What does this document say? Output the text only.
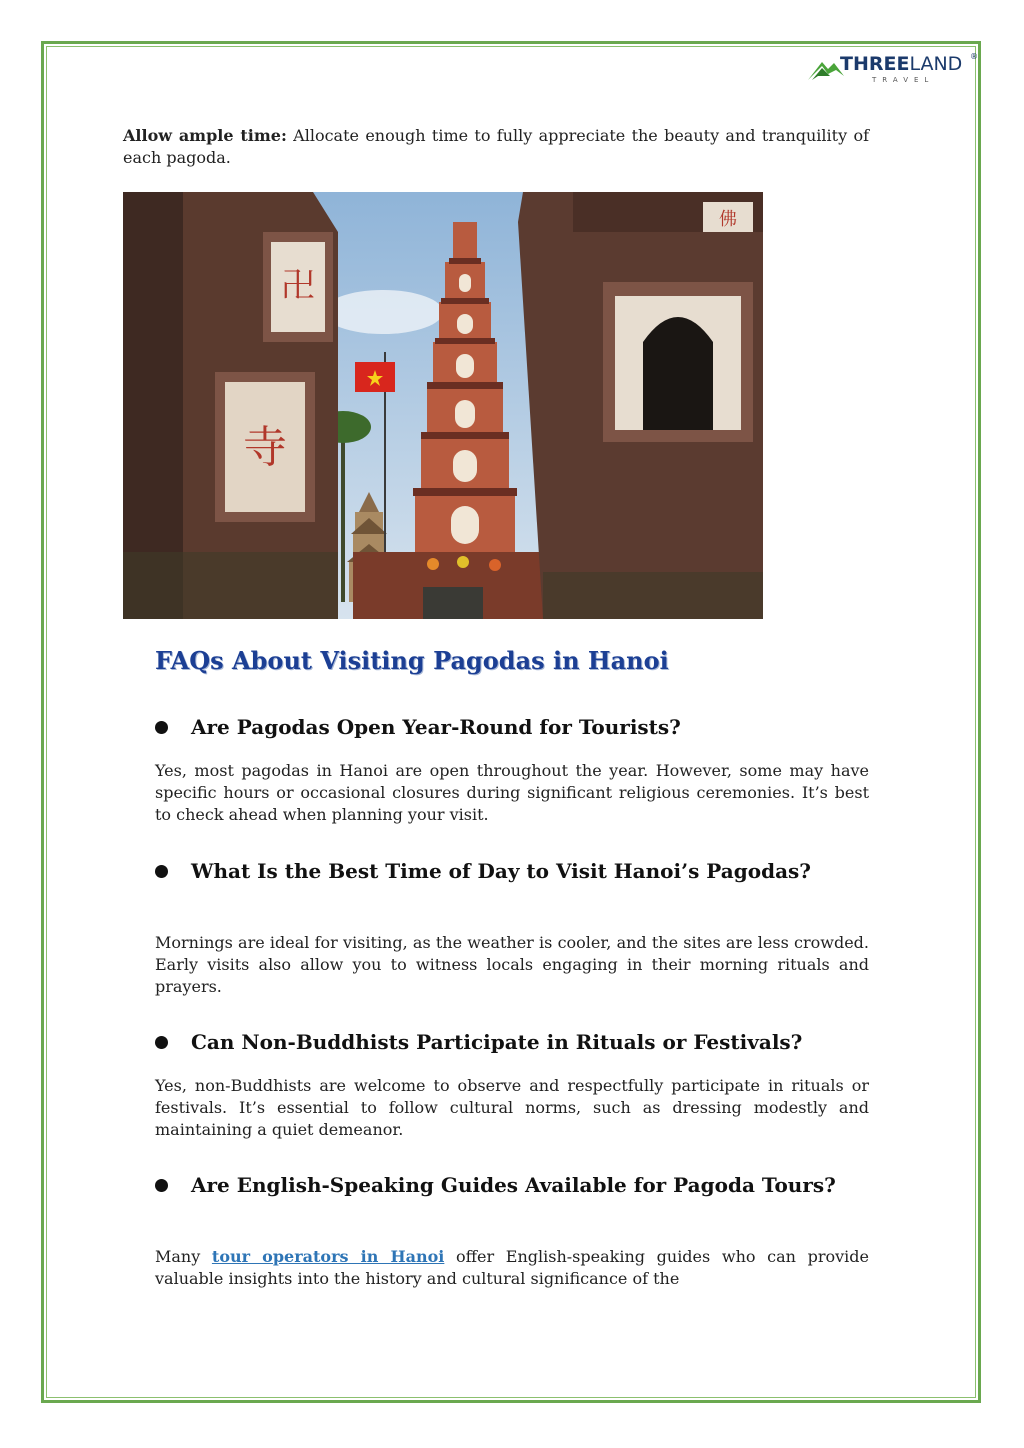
THREELAND ®
TRAVEL

Allow ample time: Allocate enough time to fully appreciate the beauty and tranquility of each pagoda.

卍
寺
佛
FAQs About Visiting Pagodas in Hanoi
Are Pagodas Open Year-Round for Tourists?

Yes, most pagodas in Hanoi are open throughout the year. However, some may have specific hours or occasional closures during significant religious ceremonies. It’s best to check ahead when planning your visit.

What Is the Best Time of Day to Visit Hanoi’s Pagodas?

Mornings are ideal for visiting, as the weather is cooler, and the sites are less crowded. Early visits also allow you to witness locals engaging in their morning rituals and prayers.

Can Non-Buddhists Participate in Rituals or Festivals?

Yes, non-Buddhists are welcome to observe and respectfully participate in rituals or festivals. It’s essential to follow cultural norms, such as dressing modestly and maintaining a quiet demeanor.

Are English-Speaking Guides Available for Pagoda Tours?

Many tour operators in Hanoi offer English-speaking guides who can provide valuable insights into the history and cultural significance of the
